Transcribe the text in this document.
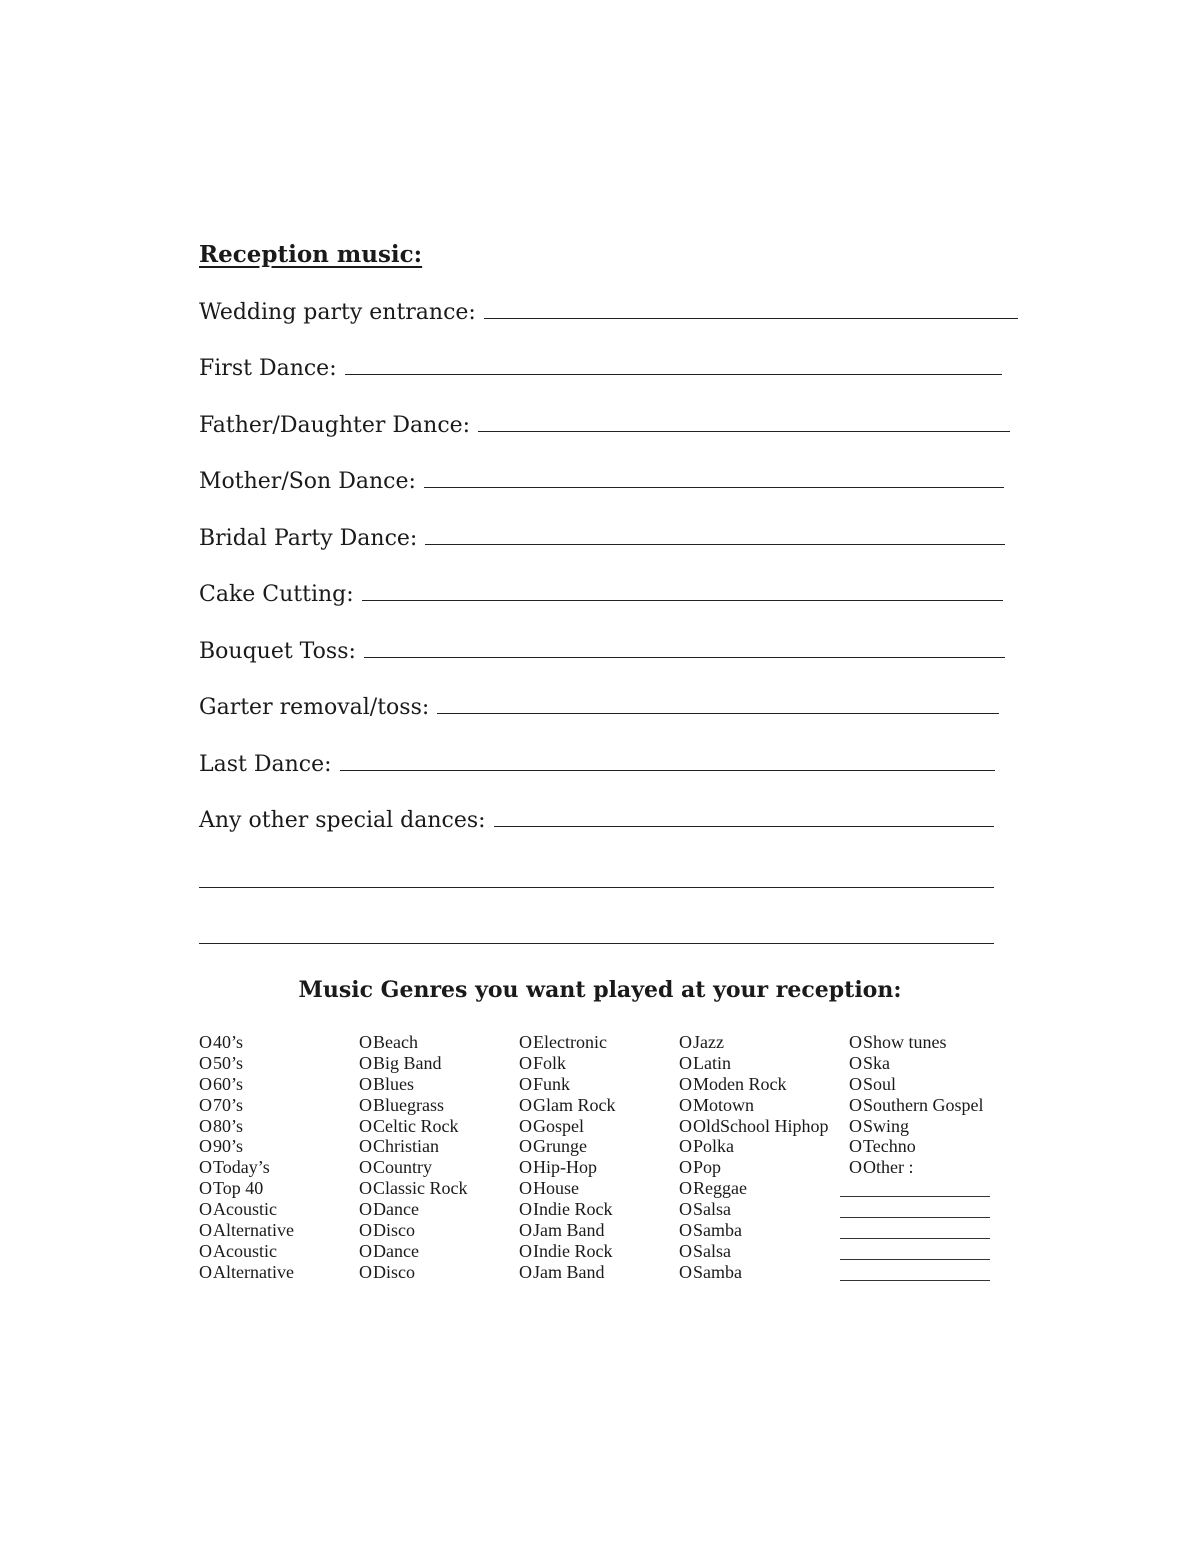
Reception music:
Wedding party entrance:
First Dance:
Father/Daughter Dance:
Mother/Son Dance:
Bridal Party Dance:
Cake Cutting:
Bouquet Toss:
Garter removal/toss:
Last Dance:
Any other special dances:
Music Genres you want played at your reception:
O40’s
O50’s
O60’s
O70’s
O80’s
O90’s
OToday’s
OTop 40
OAcoustic
OAlternative
OAcoustic
OAlternative
OBeach
OBig Band
OBlues
OBluegrass
OCeltic Rock
OChristian
OCountry
OClassic Rock
ODance
ODisco
ODance
ODisco
OElectronic
OFolk
OFunk
OGlam Rock
OGospel
OGrunge
OHip-Hop
OHouse
OIndie Rock
OJam Band
OIndie Rock
OJam Band
OJazz
OLatin
OModen Rock
OMotown
OOldSchool Hiphop
OPolka
OPop
OReggae
OSalsa
OSamba
OSalsa
OSamba
OShow tunes
OSka
OSoul
OSouthern Gospel
OSwing
OTechno
OOther :
